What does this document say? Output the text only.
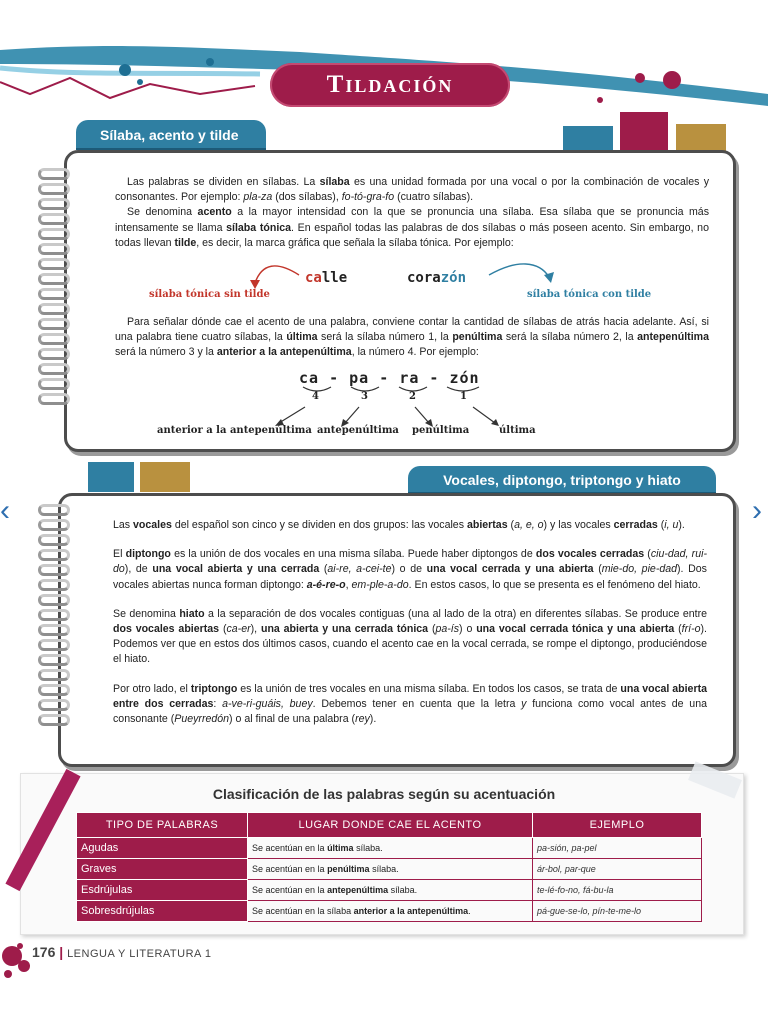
Tildación
Sílaba, acento y tilde

Las palabras se dividen en sílabas. La sílaba es una unidad formada por una vocal o por la combinación de vocales y consonantes. Por ejemplo: pla-za (dos sílabas), fo-tó-gra-fo (cuatro sílabas).

Se denomina acento a la mayor intensidad con la que se pronuncia una sílaba. Esa sílaba que se pronuncia más intensamente se llama sílaba tónica. En español todas las palabras de dos sílabas o más poseen acento. Sin embargo, no todas llevan tilde, es decir, la marca gráfica que señala la sílaba tónica. Por ejemplo:

calle
sílaba tónica sin tilde
corazón
sílaba tónica con tilde

Para señalar dónde cae el acento de una palabra, conviene contar la cantidad de sílabas de atrás hacia adelante. Así, si una palabra tiene cuatro sílabas, la última será la sílaba número 1, la penúltima será la sílaba número 2, la antepenúltima será la número 3 y la anterior a la antepenúltima, la número 4. Por ejemplo:

ca - pa - ra - zón
4	3	2	1
anterior a la antepenúltima antepenúltima penúltima	última
Vocales, diptongo, triptongo y hiato

Las vocales del español son cinco y se dividen en dos grupos: las vocales abiertas (a, e, o) y las vocales cerradas (i, u).

El diptongo es la unión de dos vocales en una misma sílaba. Puede haber diptongos de dos vocales cerradas (ciu-dad, rui-do), de una vocal abierta y una cerrada (ai-re, a-cei-te) o de una vocal cerrada y una abierta (mie-do, pie-dad). Dos vocales abiertas nunca forman diptongo: a-é-re-o, em-ple-a-do. En estos casos, lo que se presenta es el fenómeno del hiato.

Se denomina hiato a la separación de dos vocales contiguas (una al lado de la otra) en diferentes sílabas. Se produce entre dos vocales abiertas (ca-er), una abierta y una cerrada tónica (pa-ís) o una vocal cerrada tónica y una abierta (frí-o). Podemos ver que en estos dos últimos casos, cuando el acento cae en la vocal cerrada, se rompe el diptongo, produciéndose el hiato.

Por otro lado, el triptongo es la unión de tres vocales en una misma sílaba. En todos los casos, se trata de una vocal abierta entre dos cerradas: a-ve-ri-guáis, buey. Debemos tener en cuenta que la letra y funciona como vocal antes de una consonante (Pueyrredón) o al final de una palabra (rey).

‹	›
Clasificación de las palabras según su acentuación
TIPO DE PALABRAS	LUGAR DONDE CAE EL ACENTO	EJEMPLO
Agudas	Se acentúan en la última sílaba.	pa-sión, pa-pel
Graves	Se acentúan en la penúltima sílaba.	ár-bol, par-que
Esdrújulas	Se acentúan en la antepenúltima sílaba.	te-lé-fo-no, fá-bu-la
Sobresdrújulas	Se acentúan en la sílaba anterior a la antepenúltima.	pá-gue-se-lo, pín-te-me-lo
176 | LENGUA Y LITERATURA 1
